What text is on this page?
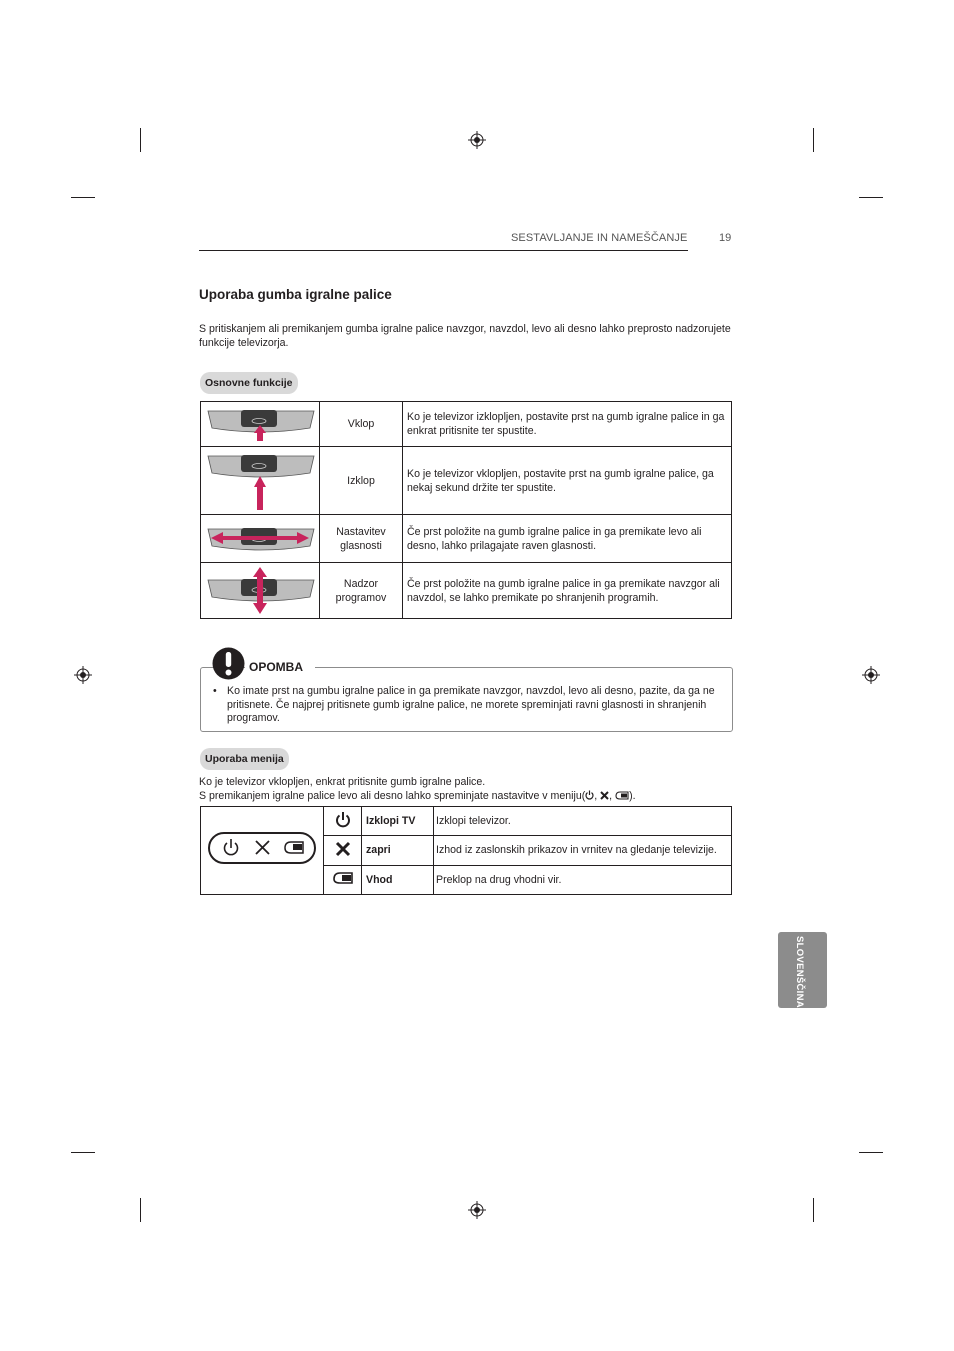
SESTAVLJANJE IN NAMEŠČANJE	19
Uporaba gumba igralne palice
S pritiskanjem ali premikanjem gumba igralne palice navzgor, navzdol, levo ali desno lahko preprosto nadzorujete funkcije televizorja.
Osnovne funkcije
	Vklop	Ko je televizor izklopljen, postavite prst na gumb igralne palice in ga enkrat pritisnite ter spustite.

	Izklop	Ko je televizor vklopljen, postavite prst na gumb igralne palice, ga nekaj sekund držite ter spustite.

	Nastavitev glasnosti	Če prst položite na gumb igralne palice in ga premikate levo ali desno, lahko prilagajate raven glasnosti.

	Nadzor programov	Če prst položite na gumb igralne palice in ga premikate navzgor ali navzdol, se lahko premikate po shranjenih programih.
OPOMBA
• Ko imate prst na gumbu igralne palice in ga premikate navzgor, navzdol, levo ali desno, pazite, da ga ne pritisnete. Če najprej pritisnete gumb igralne palice, ne morete spreminjati ravni glasnosti in shranjenih programov.
Uporaba menija
Ko je televizor vklopljen, enkrat pritisnite gumb igralne palice.
S premikanjem igralne palice levo ali desno lahko spreminjate nastavitve v meniju( , , ).
		Izklopi TV	Izklopi televizor.
	zapri	Izhod iz zaslonskih prikazov in vrnitev na gledanje televizije.
	Vhod	Preklop na drug vhodni vir.
SLOVENŠČINA
